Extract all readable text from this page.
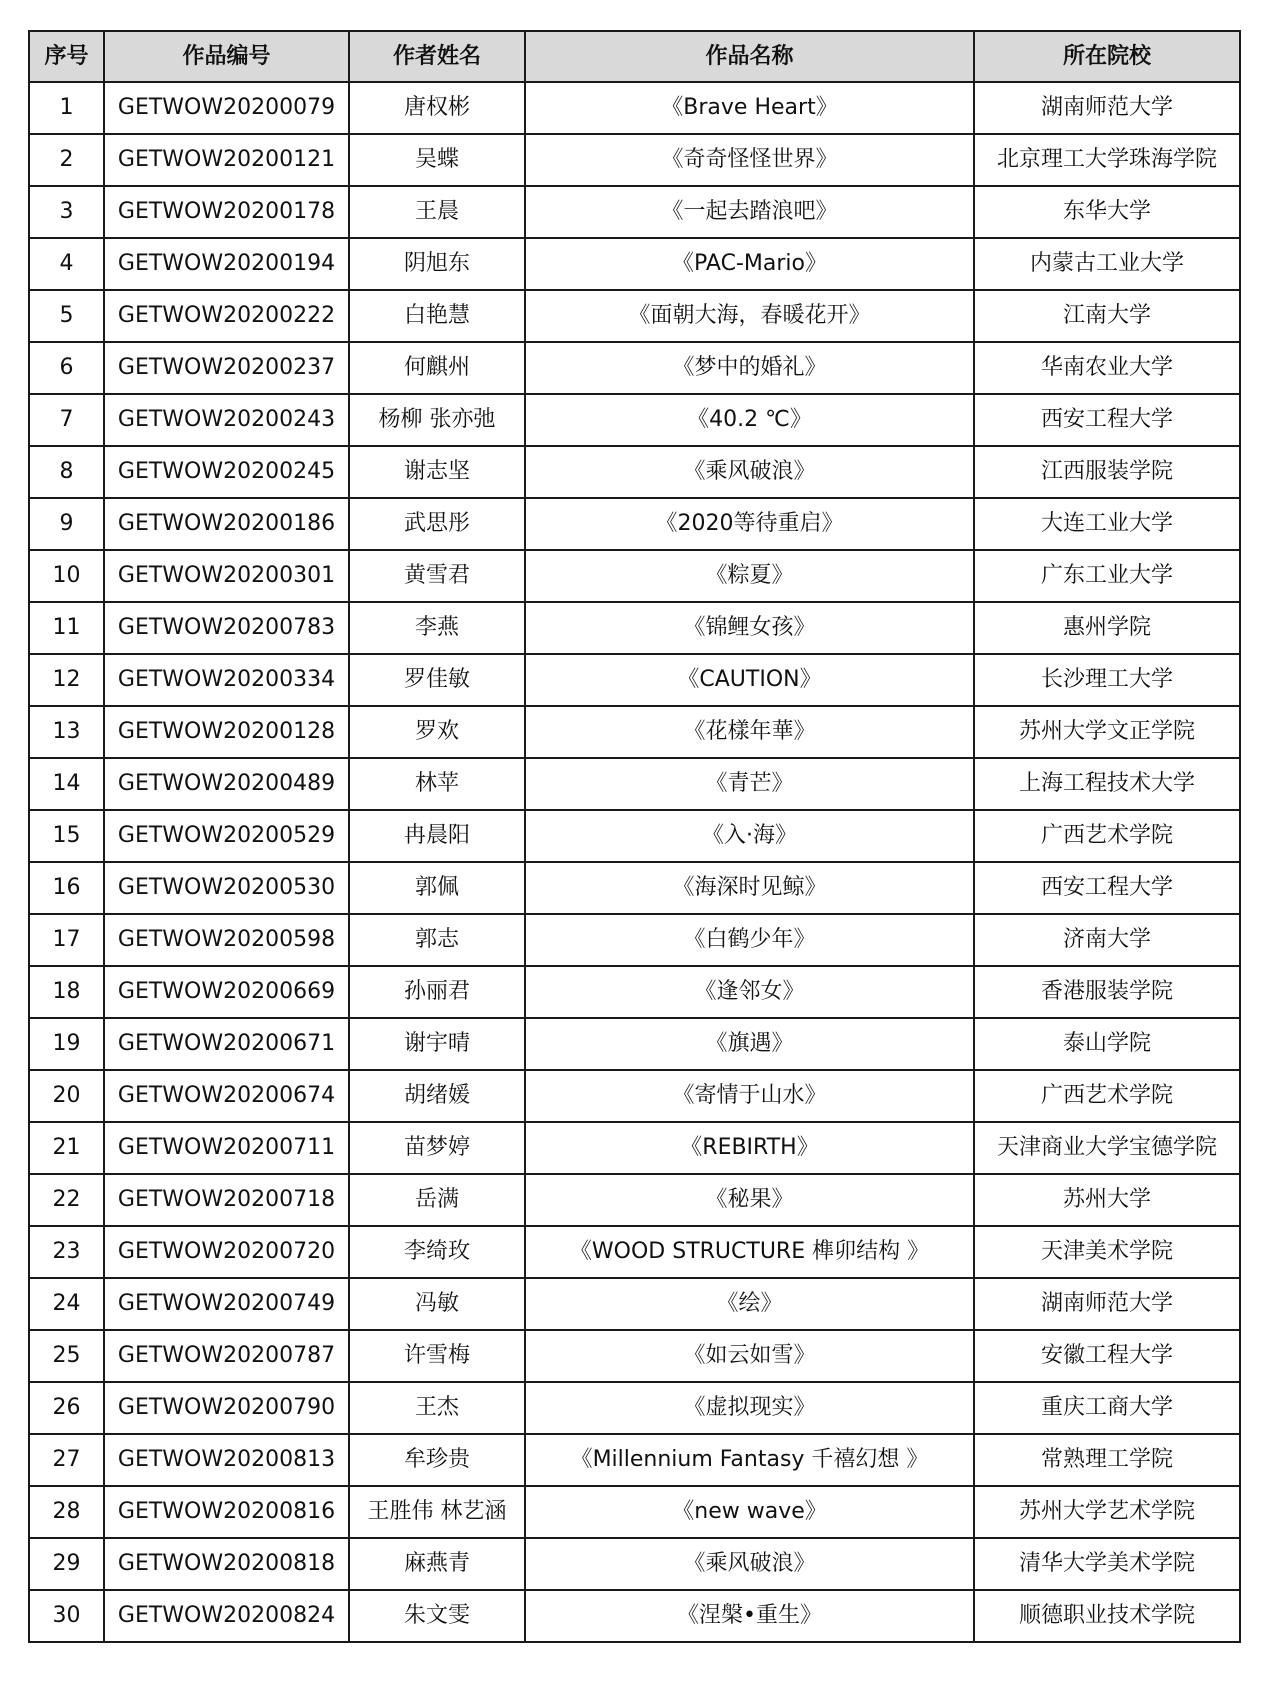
序号	作品编号	作者姓名	作品名称	所在院校
1	GETWOW20200079	唐权彬	《Brave Heart》	湖南师范大学
2	GETWOW20200121	吴蝶	《奇奇怪怪世界》	北京理工大学珠海学院
3	GETWOW20200178	王晨	《一起去踏浪吧》	东华大学
4	GETWOW20200194	阴旭东	《PAC-Mario》	内蒙古工业大学
5	GETWOW20200222	白艳慧	《面朝大海，春暖花开》	江南大学
6	GETWOW20200237	何麒州	《梦中的婚礼》	华南农业大学
7	GETWOW20200243	杨柳 张亦弛	《40.2 ℃》	西安工程大学
8	GETWOW20200245	谢志坚	《乘风破浪》	江西服装学院
9	GETWOW20200186	武思彤	《2020等待重启》	大连工业大学
10	GETWOW20200301	黄雪君	《粽夏》	广东工业大学
11	GETWOW20200783	李燕	《锦鲤女孩》	惠州学院
12	GETWOW20200334	罗佳敏	《CAUTION》	长沙理工大学
13	GETWOW20200128	罗欢	《花樣年華》	苏州大学文正学院
14	GETWOW20200489	林苹	《青芒》	上海工程技术大学
15	GETWOW20200529	冉晨阳	《入·海》	广西艺术学院
16	GETWOW20200530	郭佩	《海深时见鲸》	西安工程大学
17	GETWOW20200598	郭志	《白鹤少年》	济南大学
18	GETWOW20200669	孙丽君	《逢邻女》	香港服装学院
19	GETWOW20200671	谢宇晴	《旗遇》	泰山学院
20	GETWOW20200674	胡绪媛	《寄情于山水》	广西艺术学院
21	GETWOW20200711	苗梦婷	《REBIRTH》	天津商业大学宝德学院
22	GETWOW20200718	岳满	《秘果》	苏州大学
23	GETWOW20200720	李绮玫	《WOOD STRUCTURE 榫卯结构 》	天津美术学院
24	GETWOW20200749	冯敏	《绘》	湖南师范大学
25	GETWOW20200787	许雪梅	《如云如雪》	安徽工程大学
26	GETWOW20200790	王杰	《虚拟现实》	重庆工商大学
27	GETWOW20200813	牟珍贵	《Millennium Fantasy 千禧幻想 》	常熟理工学院
28	GETWOW20200816	王胜伟 林艺涵	《new wave》	苏州大学艺术学院
29	GETWOW20200818	麻燕青	《乘风破浪》	清华大学美术学院
30	GETWOW20200824	朱文雯	《涅槃•重生》	顺德职业技术学院
